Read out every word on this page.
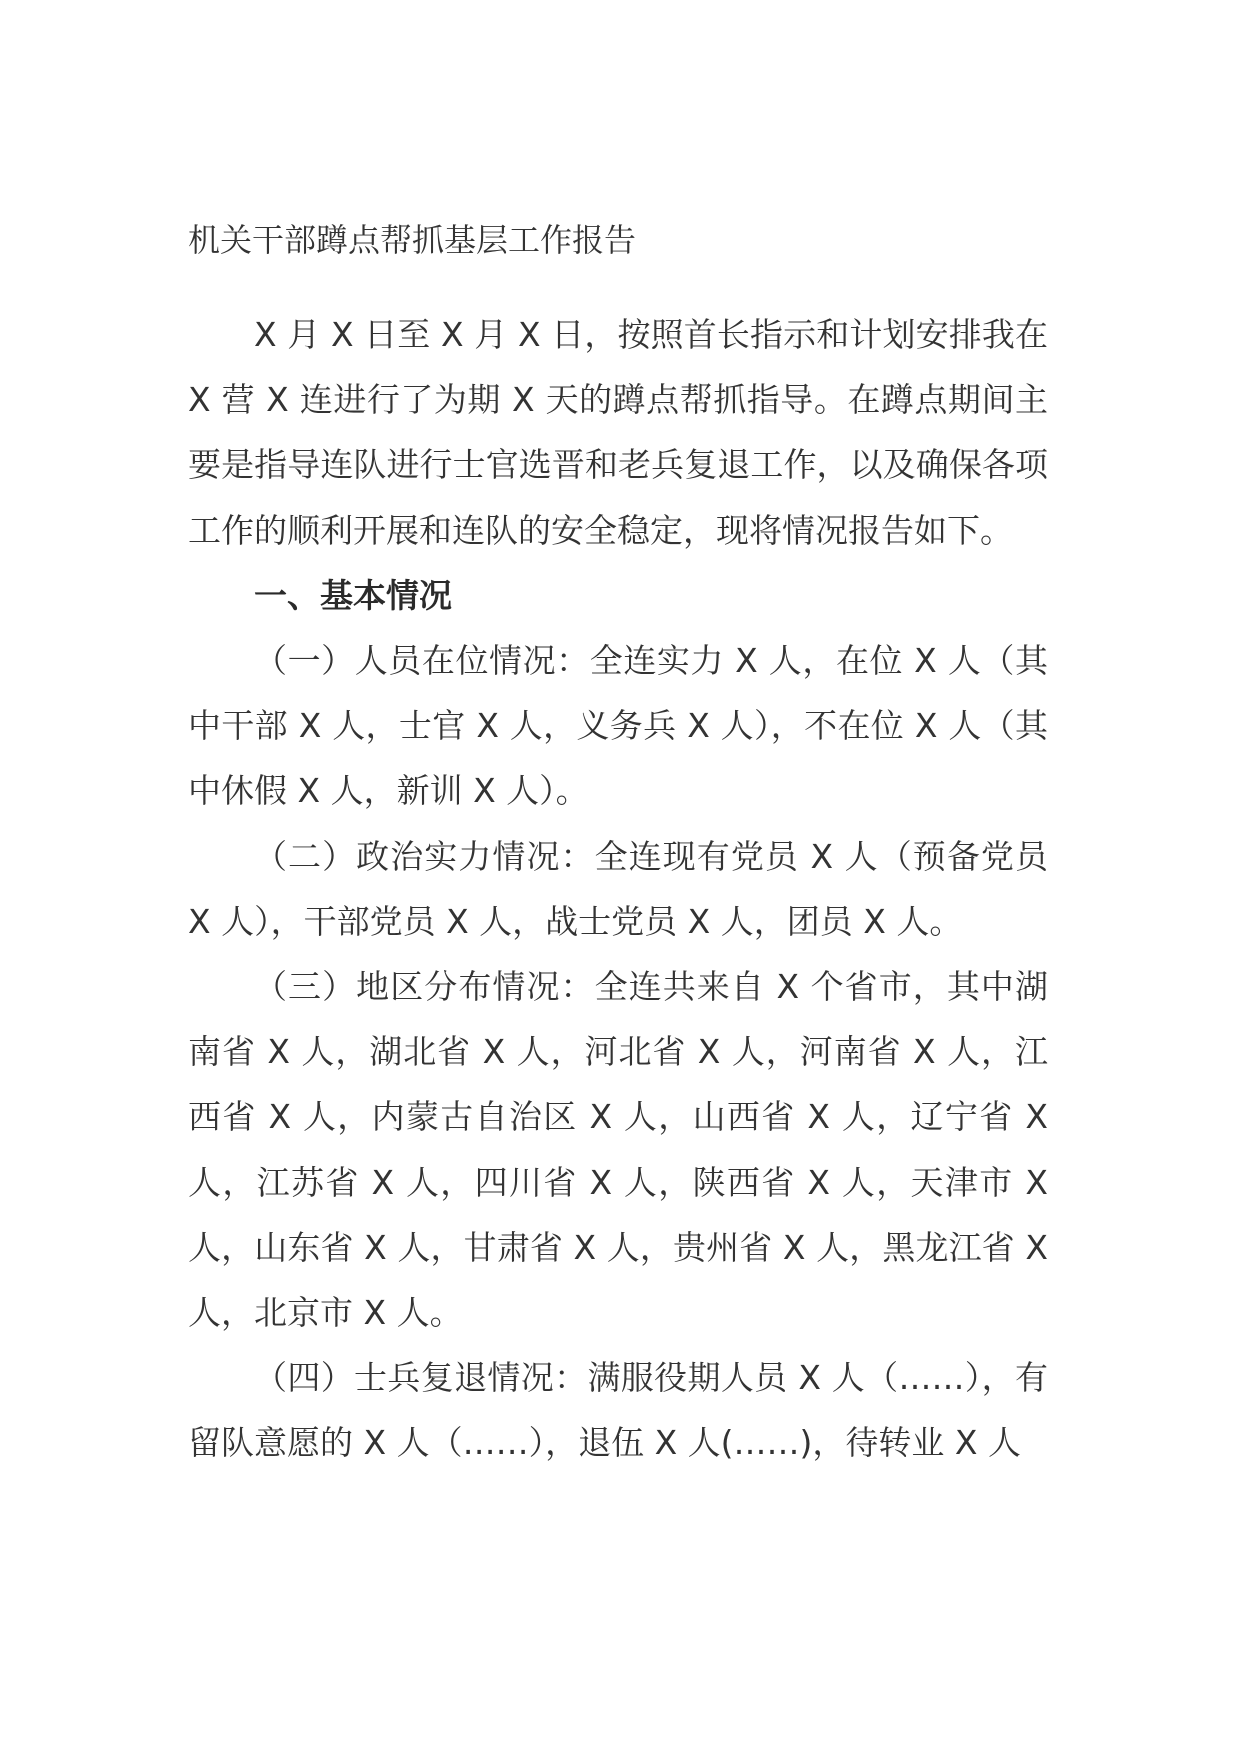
机关干部蹲点帮抓基层工作报告

X 月 X 日至 X 月 X 日，按照首长指示和计划安排我在 X 营 X 连进行了为期 X 天的蹲点帮抓指导。在蹲点期间主要是指导连队进行士官选晋和老兵复退工作，以及确保各项工作的顺利开展和连队的安全稳定，现将情况报告如下。

一、基本情况

（一）人员在位情况：全连实力 X 人，在位 X 人（其中干部 X 人，士官 X 人，义务兵 X 人），不在位 X 人（其中休假 X 人，新训 X 人）。

（二）政治实力情况：全连现有党员 X 人（预备党员 X 人），干部党员 X 人，战士党员 X 人，团员 X 人。

（三）地区分布情况：全连共来自 X 个省市，其中湖南省 X 人，湖北省 X 人，河北省 X 人，河南省 X 人，江西省 X 人，内蒙古自治区 X 人，山西省 X 人，辽宁省 X 人，江苏省 X 人，四川省 X 人，陕西省 X 人，天津市 X 人，山东省 X 人，甘肃省 X 人，贵州省 X 人，黑龙江省 X 人，北京市 X 人。

（四）士兵复退情况：满服役期人员 X 人（……），有留队意愿的 X 人（……），退伍 X 人(……)，待转业 X 人
